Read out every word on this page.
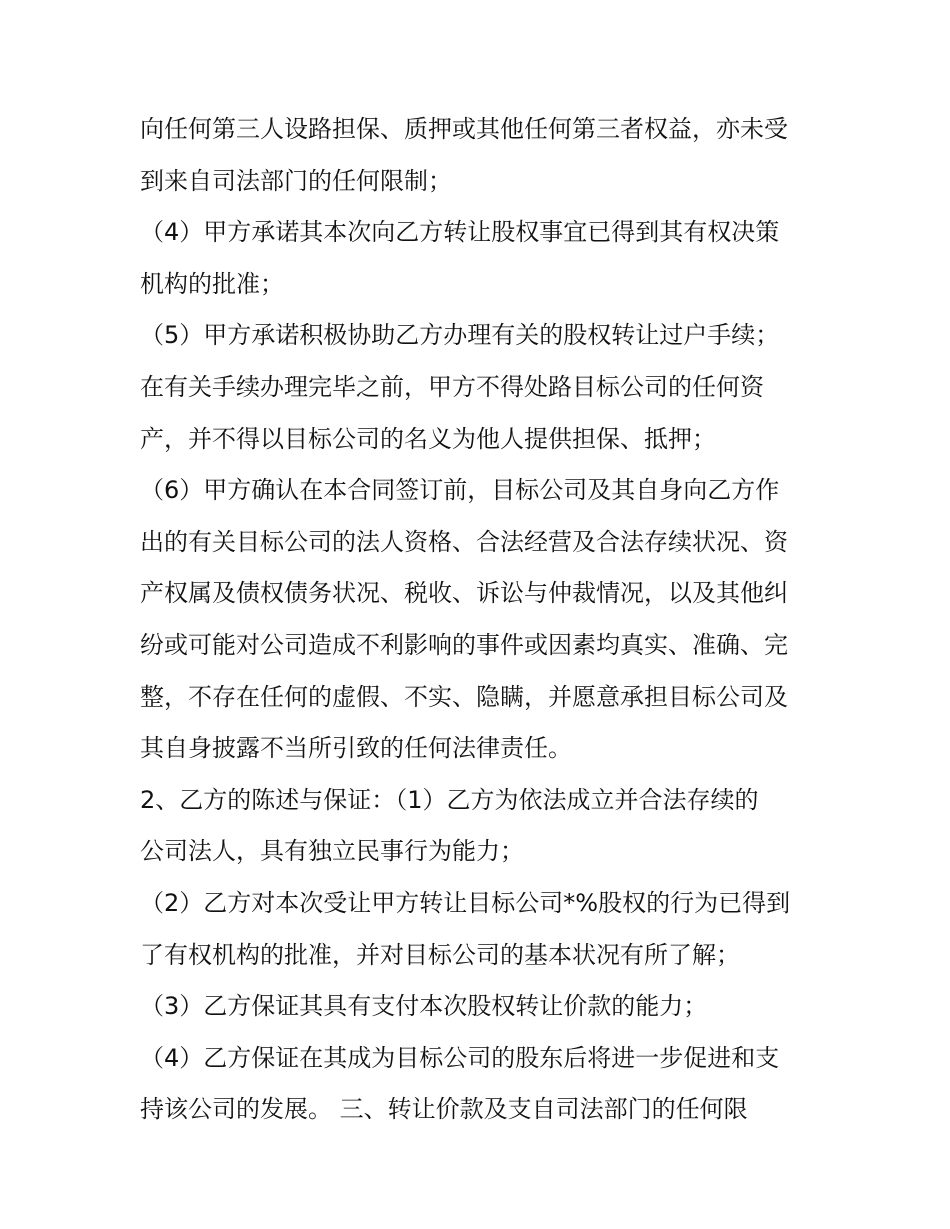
向任何第三人设路担保、质押或其他任何第三者权益，亦未受

到来自司法部门的任何限制；

（4）甲方承诺其本次向乙方转让股权事宜已得到其有权决策

机构的批准；

（5）甲方承诺积极协助乙方办理有关的股权转让过户手续；

在有关手续办理完毕之前，甲方不得处路目标公司的任何资

产，并不得以目标公司的名义为他人提供担保、抵押；

（6）甲方确认在本合同签订前，目标公司及其自身向乙方作

出的有关目标公司的法人资格、合法经营及合法存续状况、资

产权属及债权债务状况、税收、诉讼与仲裁情况，以及其他纠

纷或可能对公司造成不利影响的事件或因素均真实、准确、完

整，不存在任何的虚假、不实、隐瞒，并愿意承担目标公司及

其自身披露不当所引致的任何法律责任。

2、乙方的陈述与保证：（1）乙方为依法成立并合法存续的

公司法人，具有独立民事行为能力；

（2）乙方对本次受让甲方转让目标公司*%股权的行为已得到

了有权机构的批准，并对目标公司的基本状况有所了解；

（3）乙方保证其具有支付本次股权转让价款的能力；

（4）乙方保证在其成为目标公司的股东后将进一步促进和支

持该公司的发展。 三、转让价款及支自司法部门的任何限
